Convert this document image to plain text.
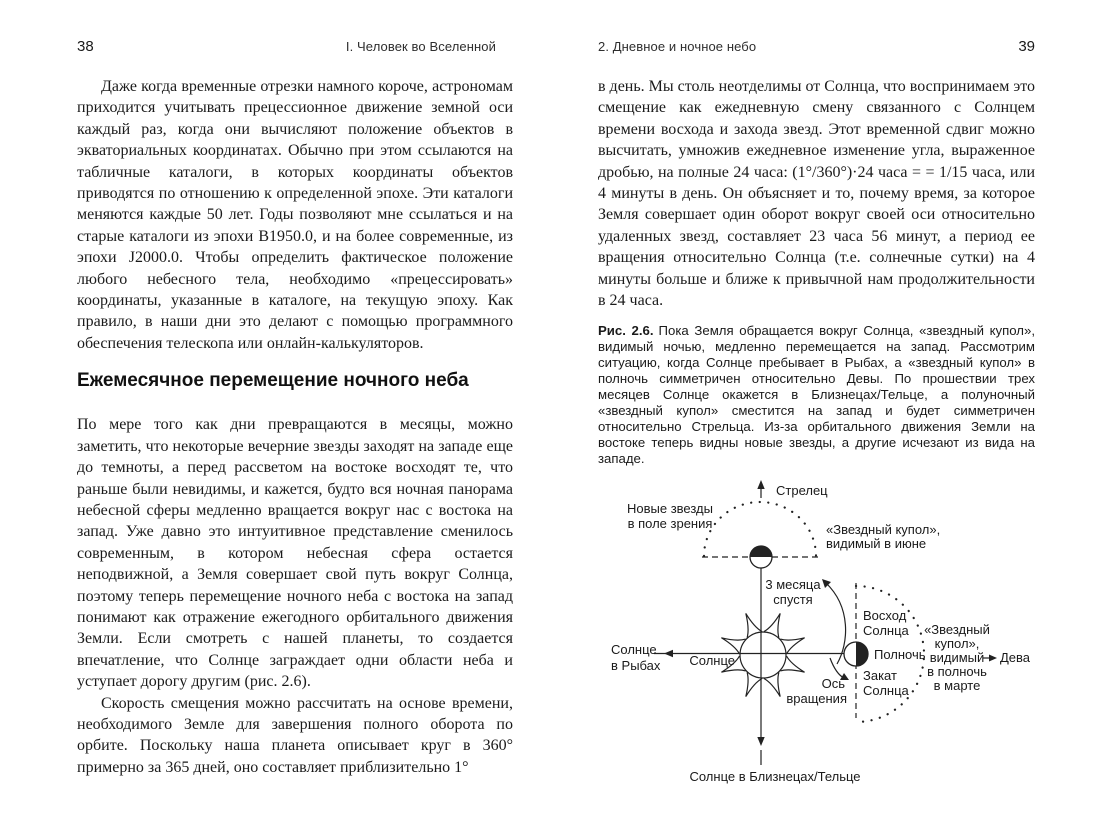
38	I. Человек во Вселенной

Даже когда временные отрезки намного короче, астрономам приходится учитывать прецессионное движение земной оси каждый раз, когда они вычисляют положение объектов в экваториальных координатах. Обычно при этом ссылаются на табличные каталоги, в которых координаты объектов приводятся по отношению к определенной эпохе. Эти каталоги меняются каждые 50 лет. Годы позволяют мне ссылаться и на старые каталоги из эпохи B1950.0, и на более современные, из эпохи J2000.0. Чтобы определить фактическое положение любого небесного тела, необходимо «прецессировать» координаты, указанные в каталоге, на текущую эпоху. Как правило, в наши дни это делают с помощью программного обеспечения телескопа или онлайн-калькуляторов.

Ежемесячное перемещение ночного неба

По мере того как дни превращаются в месяцы, можно заметить, что некоторые вечерние звезды заходят на западе еще до темноты, а перед рассветом на востоке восходят те, что раньше были невидимы, и кажется, будто вся ночная панорама небесной сферы медленно вращается вокруг нас с востока на запад. Уже давно это интуитивное представление сменилось современным, в котором небесная сфера остается неподвижной, а Земля совершает свой путь вокруг Солнца, поэтому теперь перемещение ночного неба с востока на запад понимают как отражение ежегодного орбитального движения Земли. Если смотреть с нашей планеты, то создается впечатление, что Солнце заграждает одни области неба и уступает дорогу другим (рис. 2.6).

Скорость смещения можно рассчитать на основе времени, необходимого Земле для завершения полного оборота по орбите. Поскольку наша планета описывает круг в 360° примерно за 365 дней, оно составляет приблизительно 1°

2. Дневное и ночное небо	39

в день. Мы столь неотделимы от Солнца, что воспринимаем это смещение как ежедневную смену связанного с Солнцем времени восхода и захода звезд. Этот временной сдвиг можно высчитать, умножив ежедневное изменение угла, выраженное дробью, на полные 24 часа: (1°/360°)·24 часа = = 1/15 часа, или 4 минуты в день. Он объясняет и то, почему время, за которое Земля совершает один оборот вокруг своей оси относительно удаленных звезд, составляет 23 часа 56 минут, а период ее вращения относительно Солнца (т.е. солнечные сутки) на 4 минуты больше и ближе к привычной нам продолжительности в 24 часа.

Рис. 2.6. Пока Земля обращается вокруг Солнца, «звездный купол», видимый ночью, медленно перемещается на запад. Рассмотрим ситуацию, когда Солнце пребывает в Рыбах, а «звездный купол» в полночь симметричен относительно Девы. По прошествии трех месяцев Солнце окажется в Близнецах/Тельце, а полуночный «звездный купол» сместится на запад и будет симметричен относительно Стрельца. Из-за орбитального движения Земли на востоке теперь видны новые звезды, а другие исчезают из вида на западе.

Стрелец
Новые звезды
в поле зрения	«Звездный купол»,
видимый в июне
3 месяца
спустя
Ось
вращения
Восход
Солнца
Полночь
Закат
Солнца
«Звездный
купол»,
видимый
в полночь
в марте
Дева
Солнце
в Рыбах Солнце
Солнце в Близнецах/Тельце
